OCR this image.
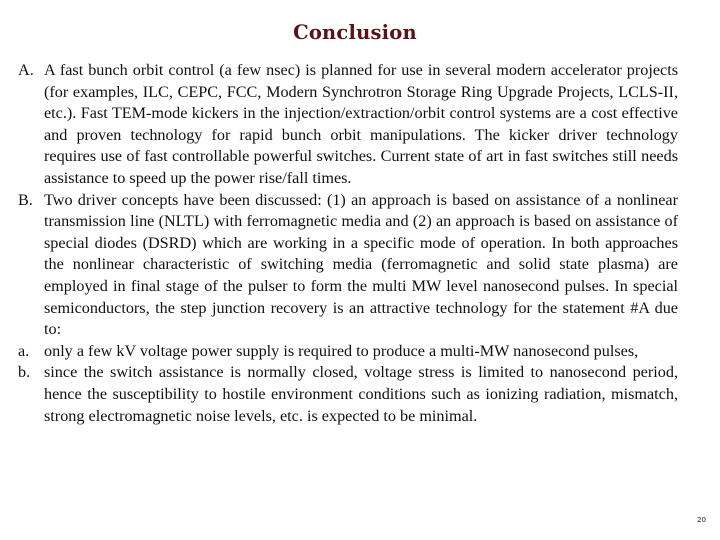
Conclusion
A. A fast bunch orbit control (a few nsec) is planned for use in several modern accelerator projects (for examples, ILC, CEPC, FCC, Modern Synchrotron Storage Ring Upgrade Projects, LCLS-II, etc.). Fast TEM-mode kickers in the injection/extraction/orbit control systems are a cost effective and proven technology for rapid bunch orbit manipulations. The kicker driver technology requires use of fast controllable powerful switches. Current state of art in fast switches still needs assistance to speed up the power rise/fall times.
B. Two driver concepts have been discussed: (1) an approach is based on assistance of a nonlinear transmission line (NLTL) with ferromagnetic media and (2) an approach is based on assistance of special diodes (DSRD) which are working in a specific mode of operation. In both approaches the nonlinear characteristic of switching media (ferromagnetic and solid state plasma) are employed in final stage of the pulser to form the multi MW level nanosecond pulses. In special semiconductors, the step junction recovery is an attractive technology for the statement #A due to:
a. only a few kV voltage power supply is required to produce a multi-MW nanosecond pulses,
b. since the switch assistance is normally closed, voltage stress is limited to nanosecond period, hence the susceptibility to hostile environment conditions such as ionizing radiation, mismatch, strong electromagnetic noise levels, etc. is expected to be minimal.
20
